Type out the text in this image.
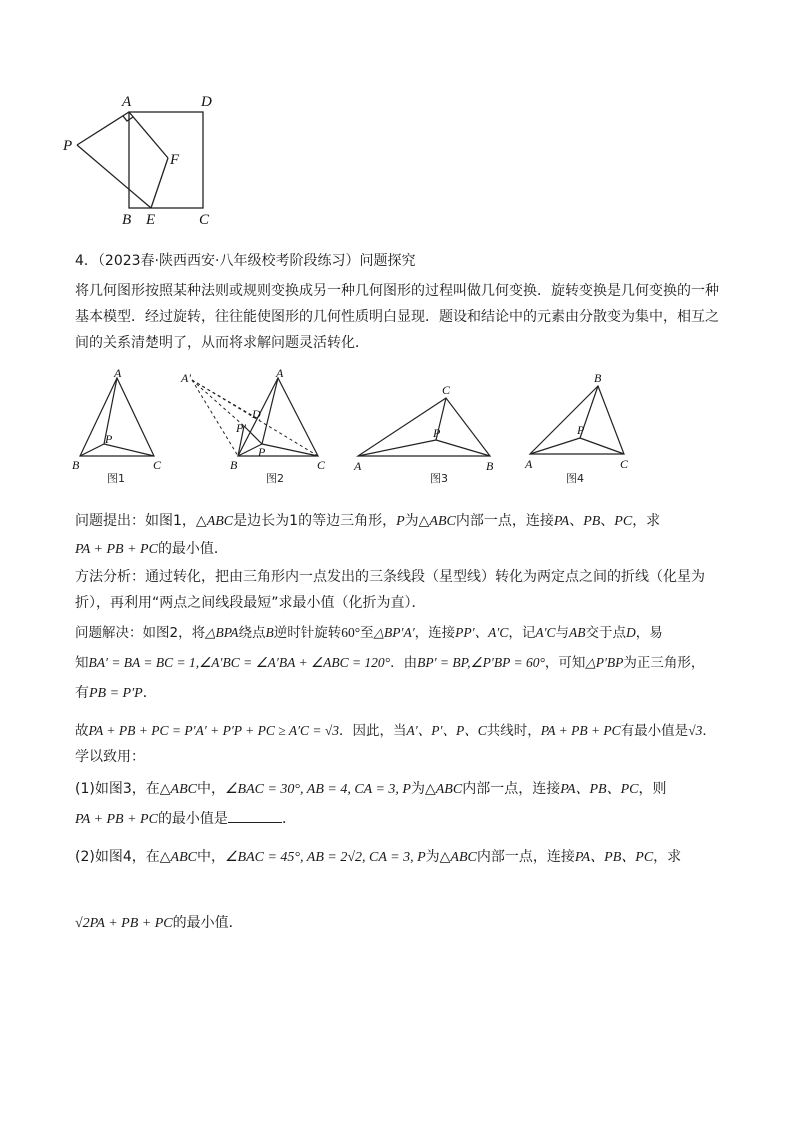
A	D
P
F
B E	C
4．（2023春·陕西西安·八年级校考阶段练习）问题探究
将几何图形按照某种法则或规则变换成另一种几何图形的过程叫做几何变换．旋转变换是几何变换的一种
基本模型．经过旋转，往往能使图形的几何性质明白显现．题设和结论中的元素由分散变为集中，相互之
间的关系清楚明了，从而将求解问题灵活转化．
A
P
B	C
图1
A
A'
D
P'
P
B	C
图2
C
P
A	B
图3
B
P
A	C
图4
问题提出：如图1，△ABC是边长为1的等边三角形，P为△ABC内部一点，连接PA、PB、PC，求
PA + PB + PC的最小值．
方法分析：通过转化，把由三角形内一点发出的三条线段（星型线）转化为两定点之间的折线（化星为
折），再利用“两点之间线段最短”求最小值（化折为直）．
问题解决：如图2，将△BPA绕点B逆时针旋转60°至△BP′A′，连接PP′、A′C，记A′C与AB交于点D，易
知BA′ = BA = BC = 1,∠A′BC = ∠A′BA + ∠ABC = 120°．由BP′ = BP,∠P′BP = 60°，可知△P′BP为正三角形，
有PB = P′P．
故PA + PB + PC = P′A′ + P′P + PC ≥ A′C = √3．因此，当A′、P′、P、C共线时，PA + PB + PC有最小值是√3．
学以致用：
(1)如图3，在△ABC中，∠BAC = 30°, AB = 4, CA = 3, P为△ABC内部一点，连接PA、PB、PC，则
PA + PB + PC的最小值是	．
(2)如图4，在△ABC中，∠BAC = 45°, AB = 2√2, CA = 3, P为△ABC内部一点，连接PA、PB、PC，求
√2PA + PB + PC的最小值．
